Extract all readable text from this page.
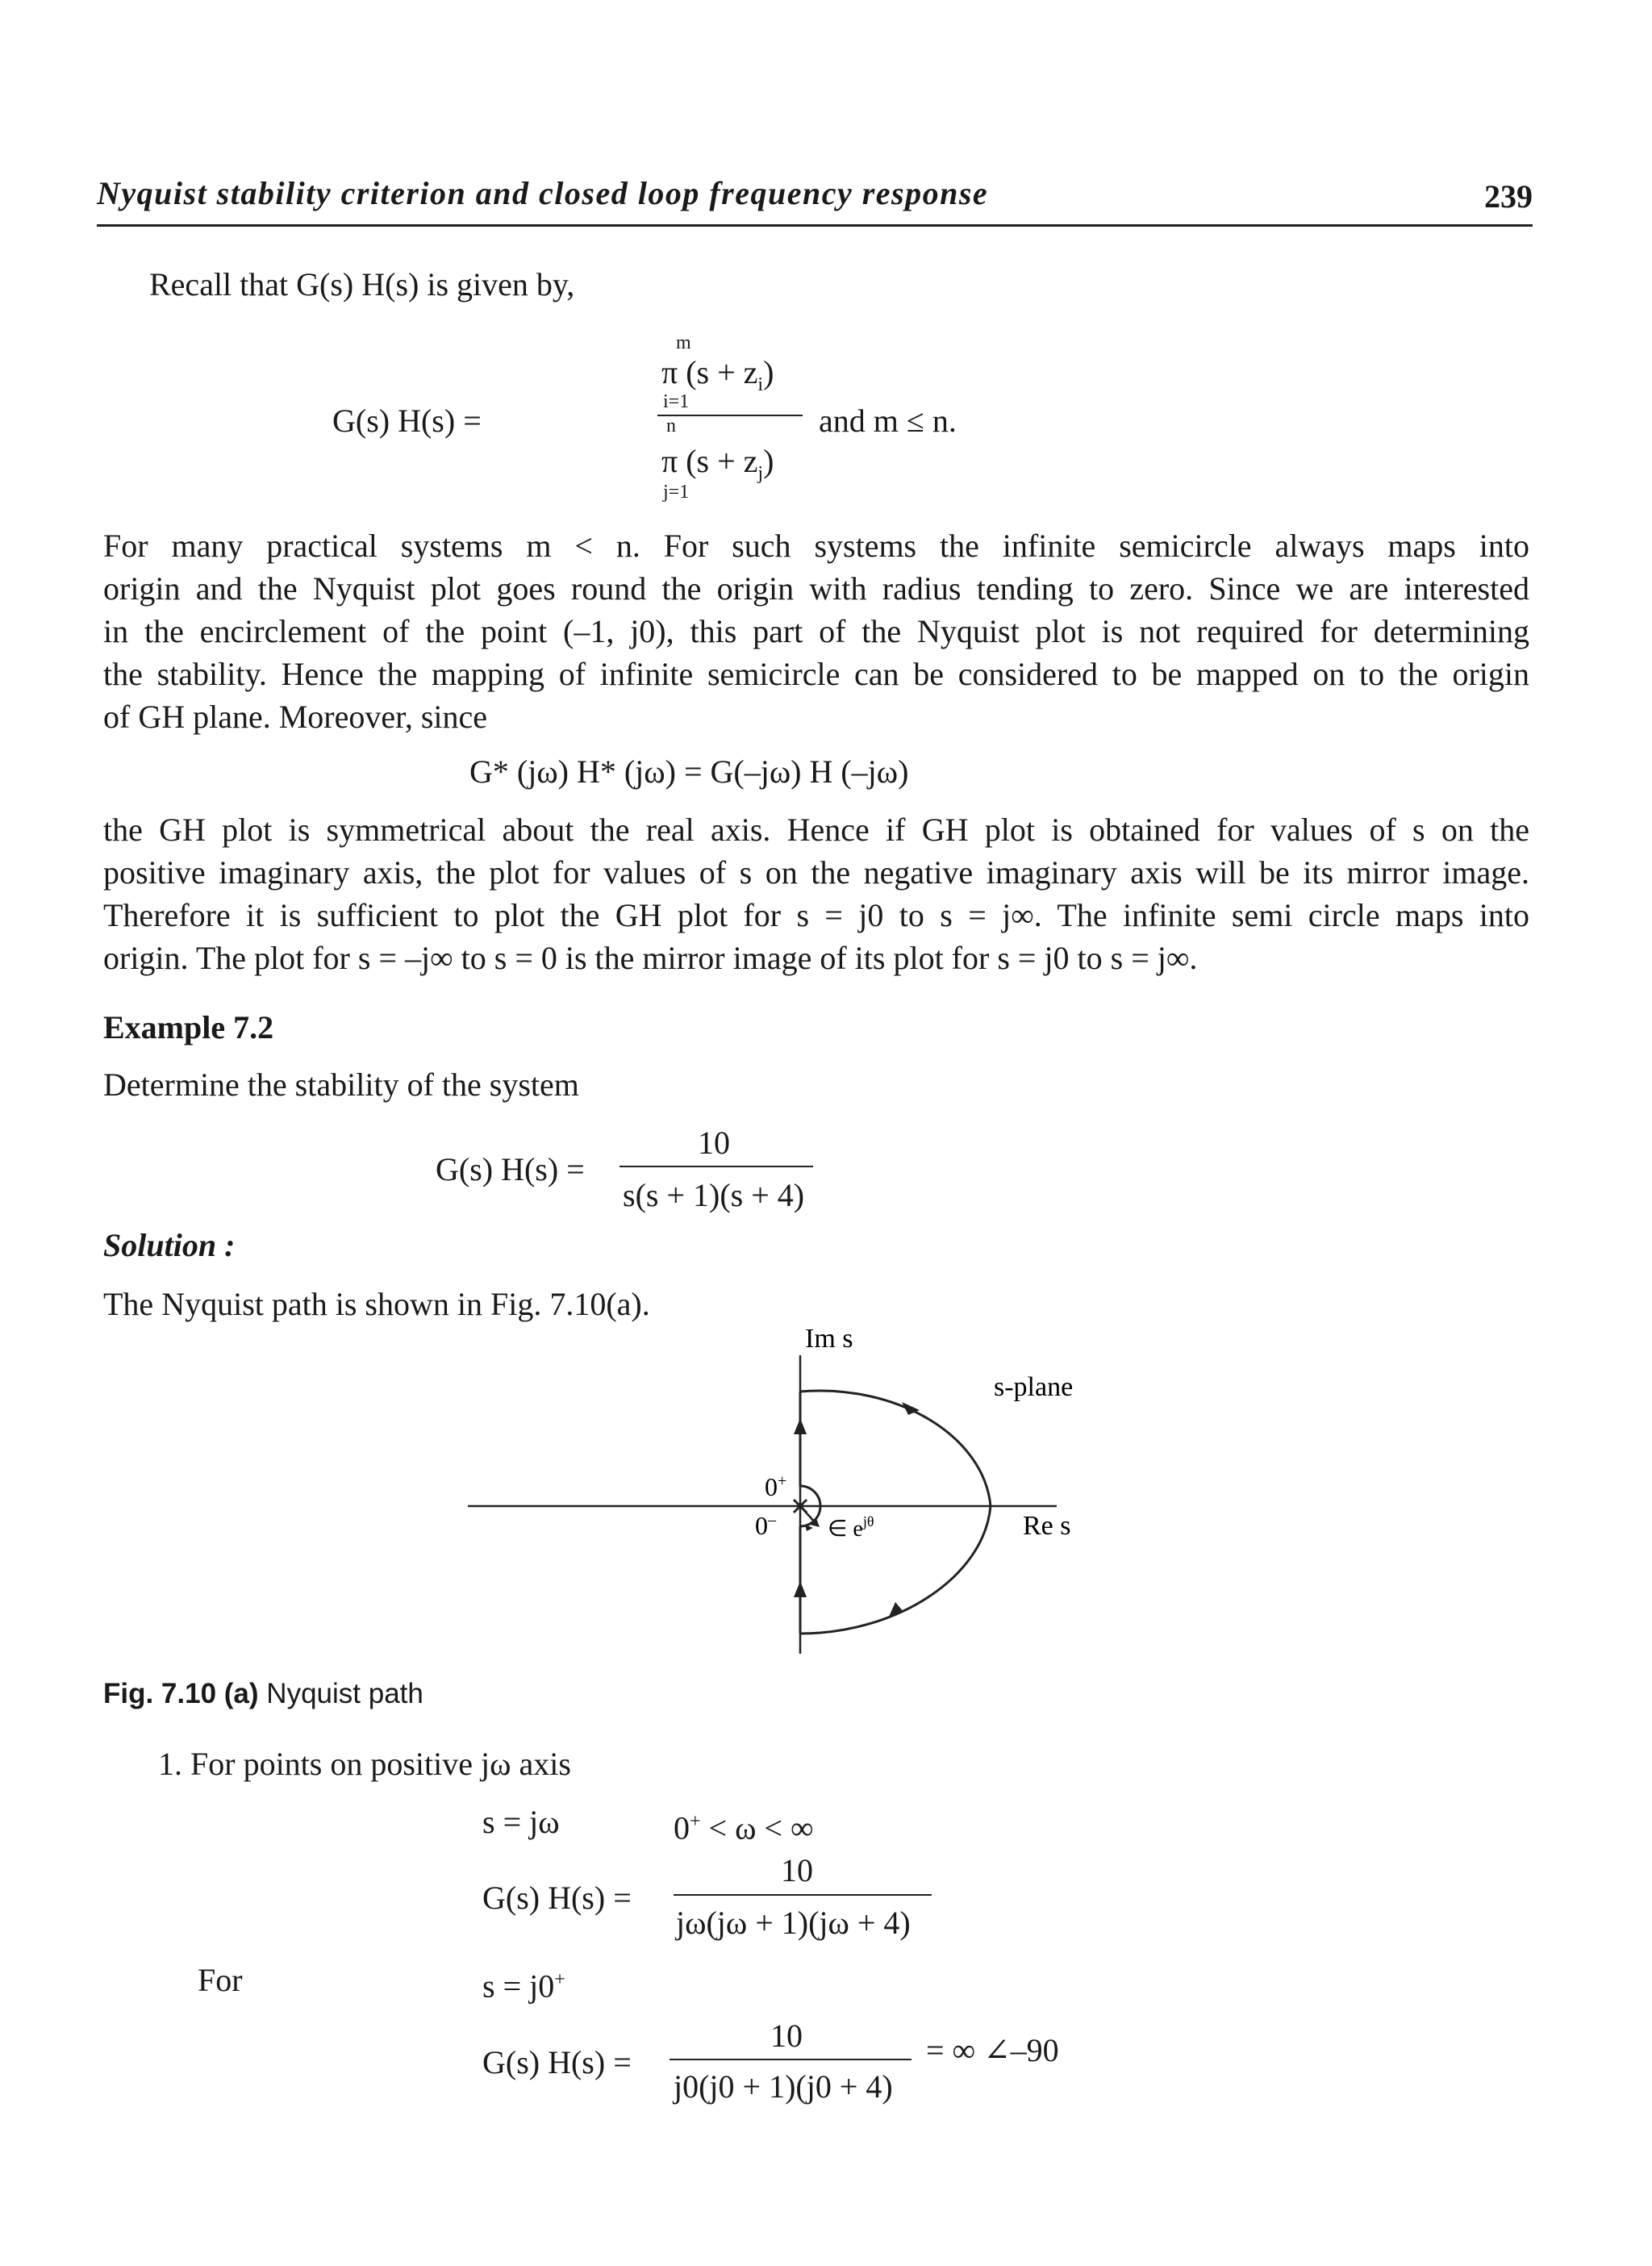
Nyquist stability criterion and closed loop frequency response	239
Recall that G(s) H(s) is given by,
G(s) H(s) =
m
π $(s + z_i)$
i=1
n
π $(s + z_j)$
j=1
and m ≤ n.
For many practical systems m < n. For such systems the infinite semicircle always maps into
origin and the Nyquist plot goes round the origin with radius tending to zero. Since we are interested
in the encirclement of the point (–1, j0), this part of the Nyquist plot is not required for determining
the stability. Hence the mapping of infinite semicircle can be considered to be mapped on to the origin
of GH plane. Moreover, since
G* (jω) H* (jω) = G(–jω) H (–jω)
the GH plot is symmetrical about the real axis. Hence if GH plot is obtained for values of s on the
positive imaginary axis, the plot for values of s on the negative imaginary axis will be its mirror image.
Therefore it is sufficient to plot the GH plot for s = j0 to s = j∞. The infinite semi circle maps into
origin. The plot for s = –j∞ to s = 0 is the mirror image of its plot for s = j0 to s = j∞.
Example 7.2
Determine the stability of the system
G(s) H(s) =
10
s(s + 1)(s + 4)
Solution :
The Nyquist path is shown in Fig. 7.10(a).
Im s
s-plane
Re s
0+
0– ∈ $e^{j\theta}$
Fig. 7.10 (a) Nyquist path
1. For points on positive jω axis
s = jω	0+ < ω < ∞
G(s) H(s) =
10
jω(jω + 1)(jω + 4)
For	s = j0+
G(s) H(s) =
10
j0(j0 + 1)(j0 + 4)
= ∞ ∠–90
